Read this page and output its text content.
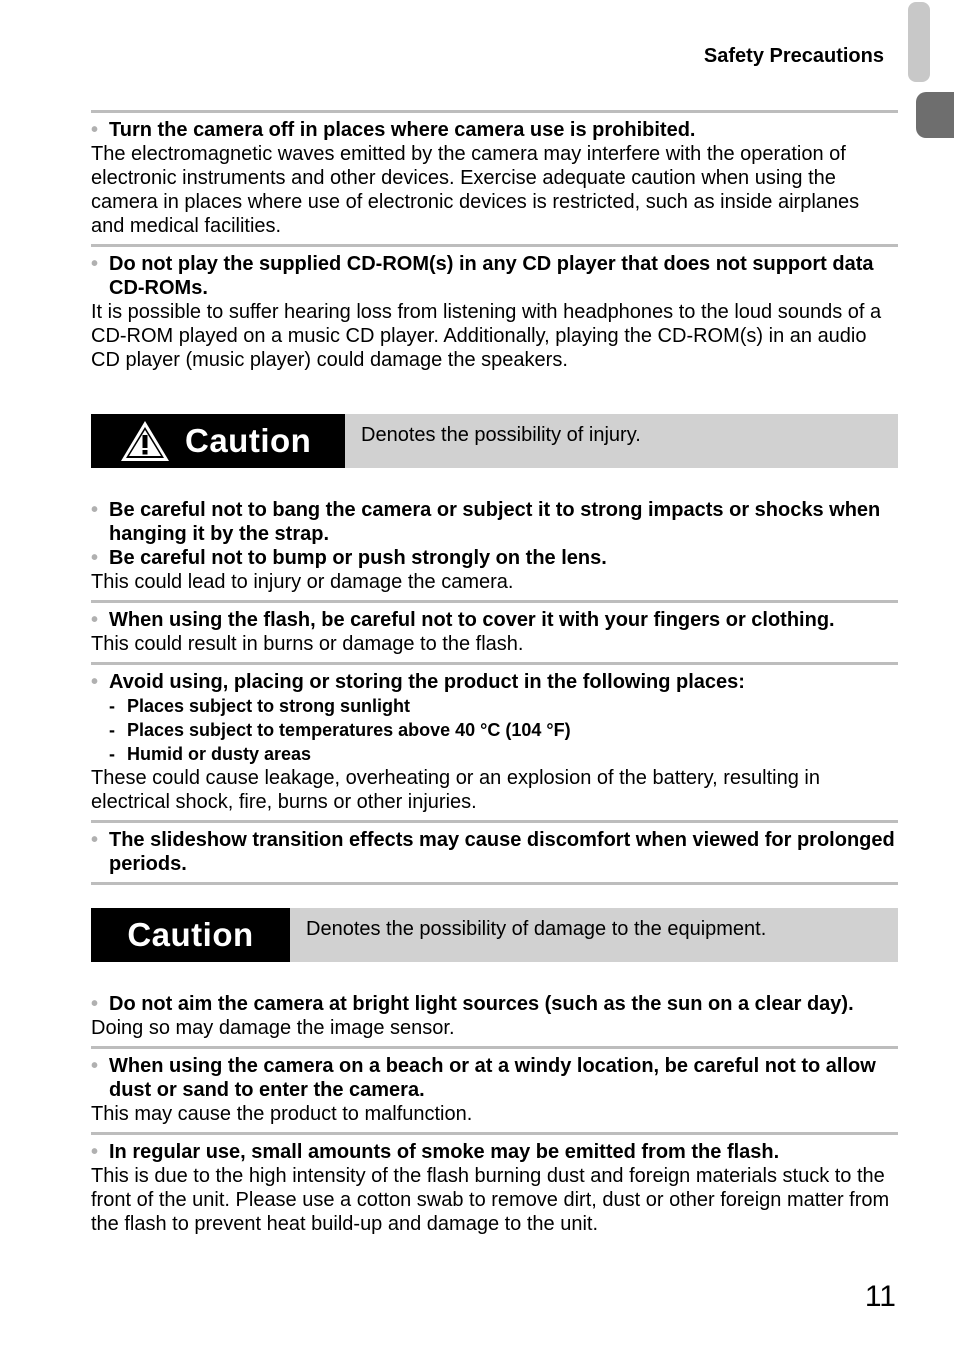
Safety Precautions
• Turn the camera off in places where camera use is prohibited.
The electromagnetic waves emitted by the camera may interfere with the operation of electronic instruments and other devices. Exercise adequate caution when using the camera in places where use of electronic devices is restricted, such as inside airplanes and medical facilities.
• Do not play the supplied CD-ROM(s) in any CD player that does not support data CD-ROMs.
It is possible to suffer hearing loss from listening with headphones to the loud sounds of a CD-ROM played on a music CD player. Additionally, playing the CD-ROM(s) in an audio CD player (music player) could damage the speakers.
Caution	Denotes the possibility of injury.
• Be careful not to bang the camera or subject it to strong impacts or shocks when hanging it by the strap.
• Be careful not to bump or push strongly on the lens.
This could lead to injury or damage the camera.
• When using the flash, be careful not to cover it with your fingers or clothing.
This could result in burns or damage to the flash.
• Avoid using, placing or storing the product in the following places:
- Places subject to strong sunlight
- Places subject to temperatures above 40 °C (104 °F)
- Humid or dusty areas
These could cause leakage, overheating or an explosion of the battery, resulting in electrical shock, fire, burns or other injuries.
• The slideshow transition effects may cause discomfort when viewed for prolonged periods.
Caution	Denotes the possibility of damage to the equipment.
• Do not aim the camera at bright light sources (such as the sun on a clear day).
Doing so may damage the image sensor.
• When using the camera on a beach or at a windy location, be careful not to allow dust or sand to enter the camera.
This may cause the product to malfunction.
• In regular use, small amounts of smoke may be emitted from the flash.
This is due to the high intensity of the flash burning dust and foreign materials stuck to the front of the unit. Please use a cotton swab to remove dirt, dust or other foreign matter from the flash to prevent heat build-up and damage to the unit.
11
